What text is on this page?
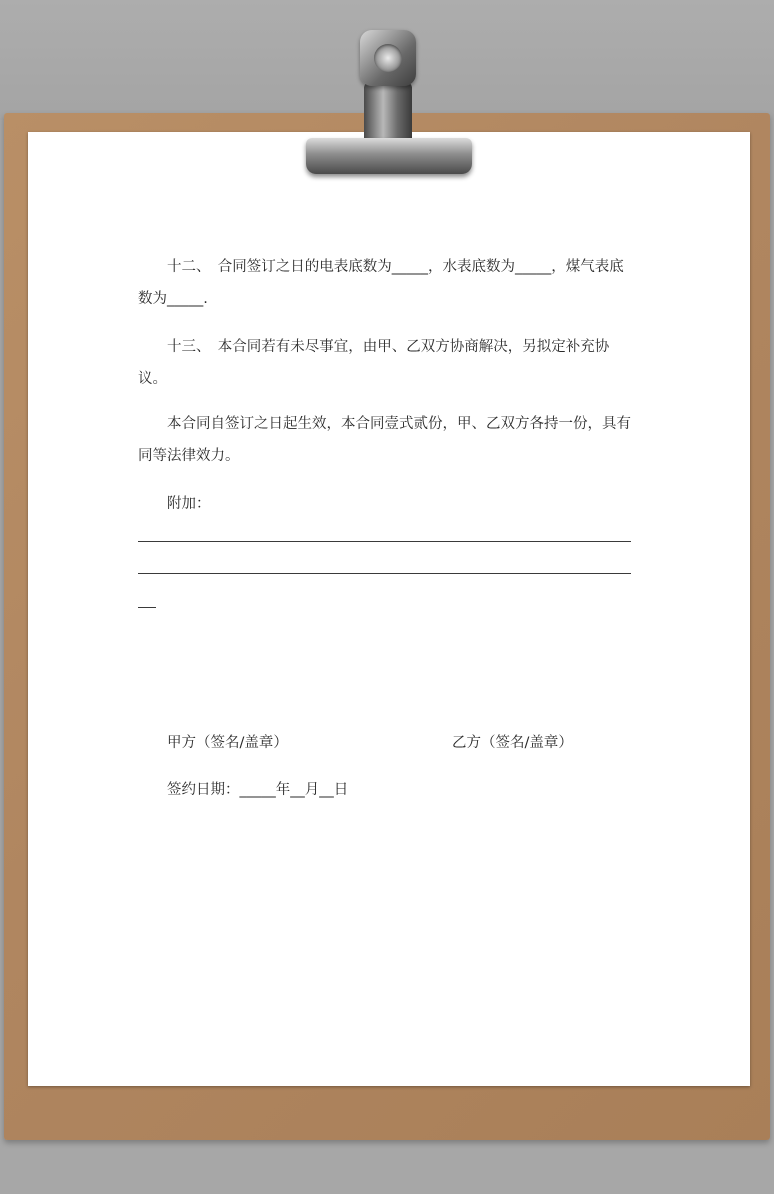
十二、　合同签订之日的电表底数为_____，水表底数为_____，煤气表底数为_____.
十三、　本合同若有未尽事宜，由甲、乙双方协商解决，另拟定补充协议。
本合同自签订之日起生效，本合同壹式贰份，甲、乙双方各持一份，具有同等法律效力。
附加：
甲方（签名/盖章）	乙方（签名/盖章）
签约日期：_____年__月__日
